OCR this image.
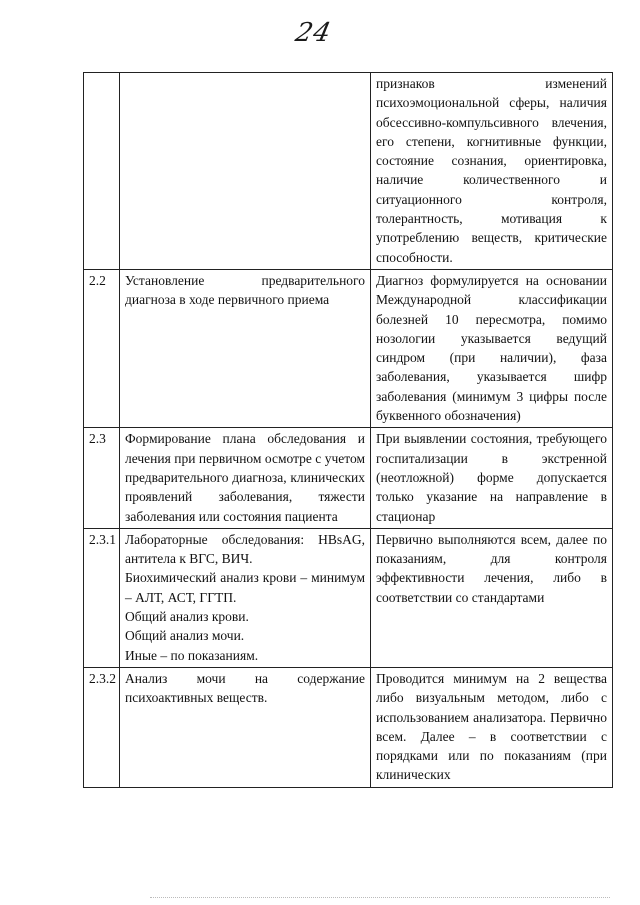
24
		признаков изменений психоэмоциональной сферы, наличия обсессивно-компульсивного влечения, его степени, когнитивные функции, состояние сознания, ориентировка, наличие количественного и ситуационного контроля, толерантность, мотивация к употреблению веществ, критические способности.
2.2	Установление предварительного диагноза в ходе первичного приема	Диагноз формулируется на основании Международной классификации болезней 10 пересмотра, помимо нозологии указывается ведущий синдром (при наличии), фаза заболевания, указывается шифр заболевания (минимум 3 цифры после буквенного обозначения)
2.3	Формирование плана обследования и лечения при первичном осмотре с учетом предварительного диагноза, клинических проявлений заболевания, тяжести заболевания или состояния пациента	При выявлении состояния, требующего госпитализации в экстренной (неотложной) форме допускается только указание на направление в стационар
2.3.1	Лабораторные обследования: HBsAG, антитела к ВГС, ВИЧ.
Биохимический анализ крови – минимум – АЛТ, АСТ, ГГТП.
Общий анализ крови.
Общий анализ мочи.
Иные – по показаниям.	Первично выполняются всем, далее по показаниям, для контроля эффективности лечения, либо в соответствии со стандартами
2.3.2	Анализ мочи на содержание психоактивных веществ.	Проводится минимум на 2 вещества либо визуальным методом, либо с использованием анализатора. Первично всем. Далее – в соответствии с порядками или по показаниям (при клинических
